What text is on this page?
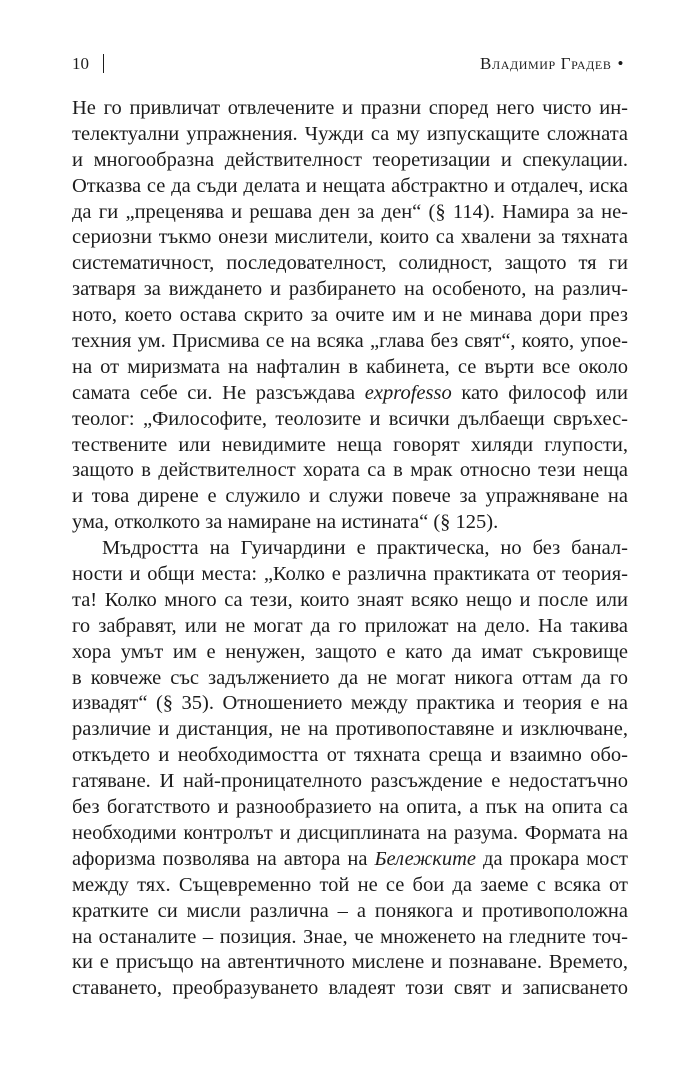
10	Владимир Градев •
Не го привличат отвлечените и празни според него чисто ин-
телектуални упражнения. Чужди са му изпускащите сложната
и многообразна действителност теоретизации и спекулации.
Отказва се да съди делата и нещата абстрактно и отдалеч, иска
да ги „преценява и решава ден за ден“ (§ 114). Намира за не-
сериозни тъкмо онези мислители, които са хвалени за тяхната
систематичност, последователност, солидност, защото тя ги
затваря за виждането и разбирането на особеното, на различ-
ното, което остава скрито за очите им и не минава дори през
техния ум. Присмива се на всяка „глава без свят“, която, упое-
на от миризмата на нафталин в кабинета, се върти все около
самата себе си. Не разсъждава exprofesso като философ или
теолог: „Философите, теолозите и всички дълбаещи свръхес-
тествените или невидимите неща говорят хиляди глупости,
защото в действителност хората са в мрак относно тези неща
и това дирене е служило и служи повече за упражняване на
ума, отколкото за намиране на истината“ (§ 125).
Мъдростта на Гуичардини е практическа, но без банал-
ности и общи места: „Колко е различна практиката от теория-
та! Колко много са тези, които знаят всяко нещо и после или
го забравят, или не могат да го приложат на дело. На такива
хора умът им е ненужен, защото е като да имат съкровище
в ковчеже със задължението да не могат никога оттам да го
извадят“ (§ 35). Отношението между практика и теория е на
различие и дистанция, не на противопоставяне и изключване,
откъдето и необходимостта от тяхната среща и взаимно обо-
гатяване. И най-проницателното разсъждение е недостатъчно
без богатството и разнообразието на опита, а пък на опита са
необходими контролът и дисциплината на разума. Формата на
афоризма позволява на автора на Бележките да прокара мост
между тях. Същевременно той не се бои да заеме с всяка от
кратките си мисли различна – а понякога и противоположна
на останалите – позиция. Знае, че множенето на гледните точ-
ки е присъщо на автентичното мислене и познаване. Времето,
ставането, преобразуването владеят този свят и записването
